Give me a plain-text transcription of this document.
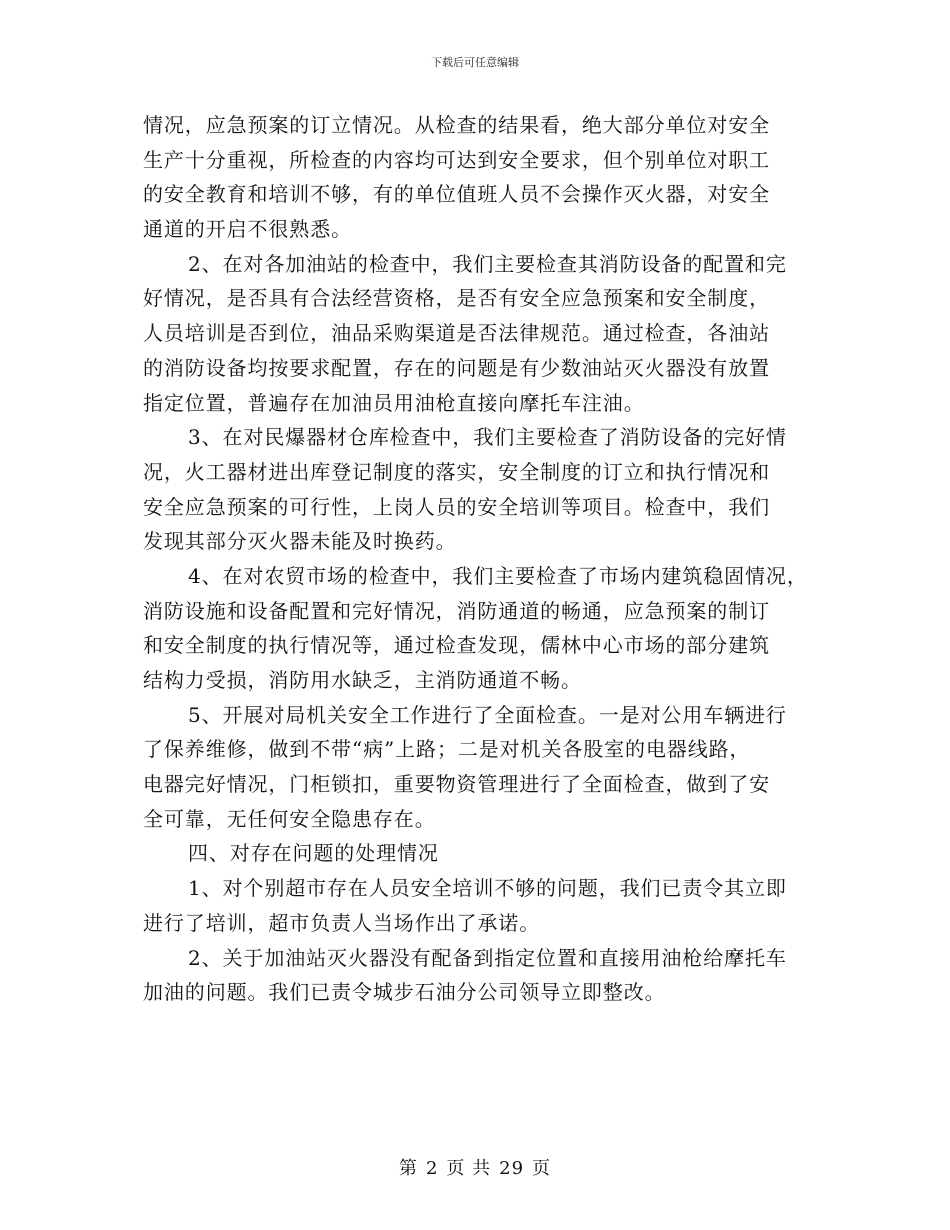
下载后可任意编辑
情况，应急预案的订立情况。从检查的结果看，绝大部分单位对安全
生产十分重视，所检查的内容均可达到安全要求，但个别单位对职工
的安全教育和培训不够，有的单位值班人员不会操作灭火器，对安全
通道的开启不很熟悉。
2、在对各加油站的检查中，我们主要检查其消防设备的配置和完
好情况，是否具有合法经营资格，是否有安全应急预案和安全制度，
人员培训是否到位，油品采购渠道是否法律规范。通过检查，各油站
的消防设备均按要求配置，存在的问题是有少数油站灭火器没有放置
指定位置，普遍存在加油员用油枪直接向摩托车注油。
3、在对民爆器材仓库检查中，我们主要检查了消防设备的完好情
况，火工器材进出库登记制度的落实，安全制度的订立和执行情况和
安全应急预案的可行性，上岗人员的安全培训等项目。检查中，我们
发现其部分灭火器未能及时换药。
4、在对农贸市场的检查中，我们主要检查了市场内建筑稳固情况，
消防设施和设备配置和完好情况，消防通道的畅通，应急预案的制订
和安全制度的执行情况等，通过检查发现，儒林中心市场的部分建筑
结构力受损，消防用水缺乏，主消防通道不畅。
5、开展对局机关安全工作进行了全面检查。一是对公用车辆进行
了保养维修，做到不带“病”上路；二是对机关各股室的电器线路，
电器完好情况，门柜锁扣，重要物资管理进行了全面检查，做到了安
全可靠，无任何安全隐患存在。
四、对存在问题的处理情况
1、对个别超市存在人员安全培训不够的问题，我们已责令其立即
进行了培训，超市负责人当场作出了承诺。
2、关于加油站灭火器没有配备到指定位置和直接用油枪给摩托车
加油的问题。我们已责令城步石油分公司领导立即整改。
第 2 页 共 29 页
